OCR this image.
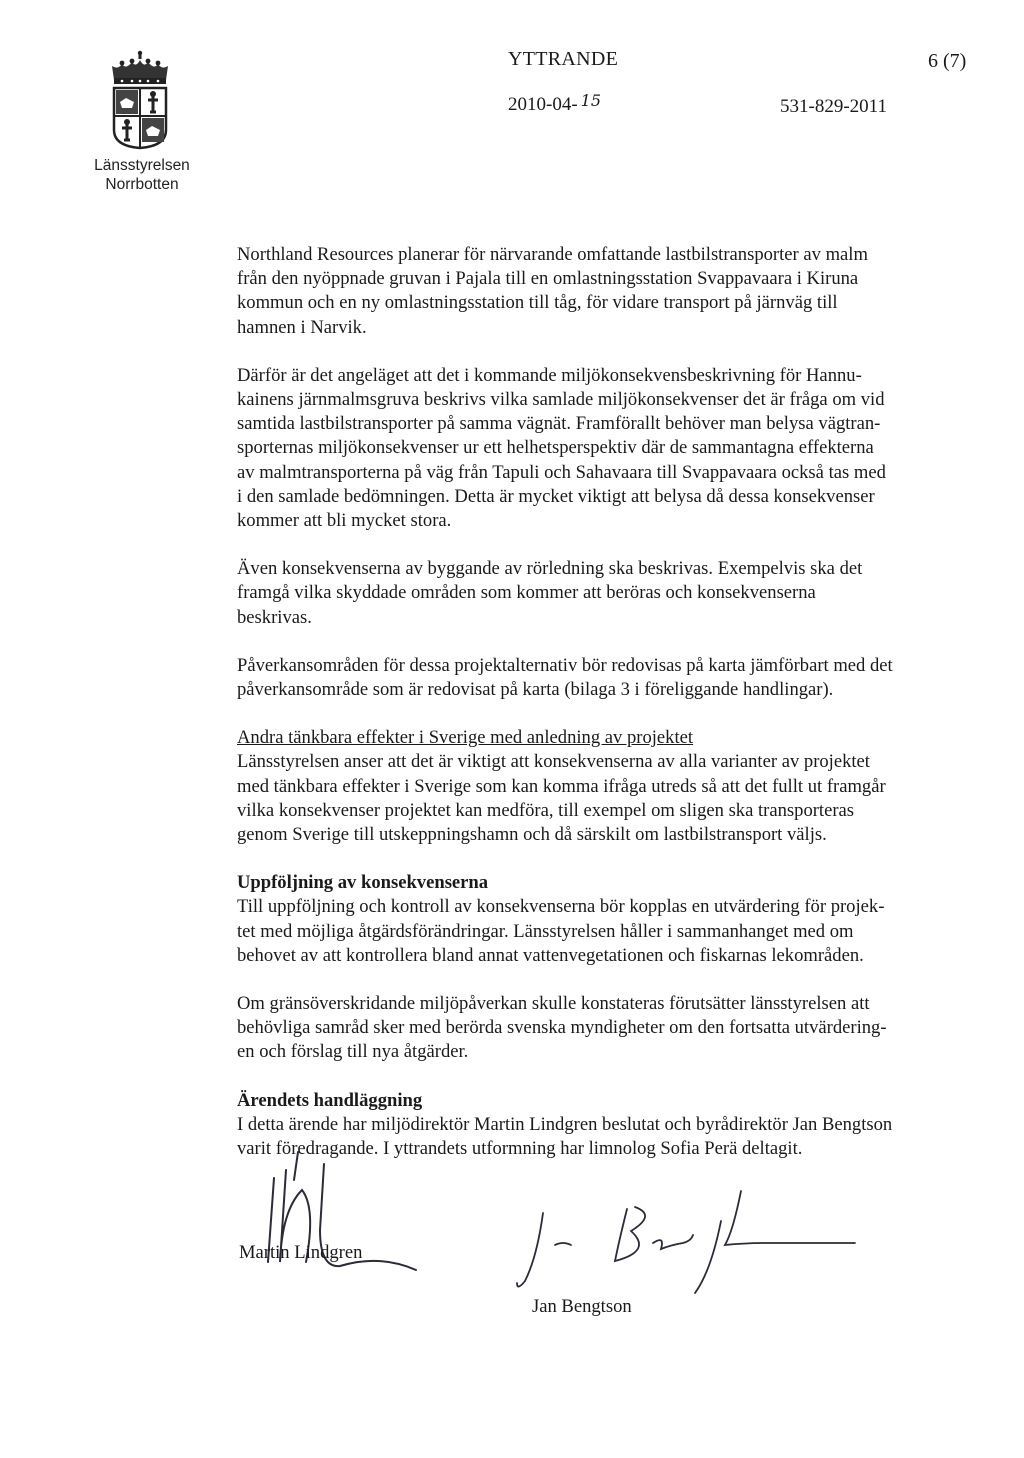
Länsstyrelsen
Norrbotten
YTTRANDE	6 (7)
2010-04- $^{15}$	531-829-2011

Northland Resources planerar för närvarande omfattande lastbilstransporter av malm
från den nyöppnade gruvan i Pajala till en omlastningsstation Svappavaara i Kiruna
kommun och en ny omlastningsstation till tåg, för vidare transport på järnväg till
hamnen i Narvik.

Därför är det angeläget att det i kommande miljökonsekvensbeskrivning för Hannu-
kainens järnmalmsgruva beskrivs vilka samlade miljökonsekvenser det är fråga om vid
samtida lastbilstransporter på samma vägnät. Framförallt behöver man belysa vägtran-
sporternas miljökonsekvenser ur ett helhetsperspektiv där de sammantagna effekterna
av malmtransporterna på väg från Tapuli och Sahavaara till Svappavaara också tas med
i den samlade bedömningen. Detta är mycket viktigt att belysa då dessa konsekvenser
kommer att bli mycket stora.

Även konsekvenserna av byggande av rörledning ska beskrivas. Exempelvis ska det
framgå vilka skyddade områden som kommer att beröras och konsekvenserna
beskrivas.

Påverkansområden för dessa projektalternativ bör redovisas på karta jämförbart med det
påverkansområde som är redovisat på karta (bilaga 3 i föreliggande handlingar).

Andra tänkbara effekter i Sverige med anledning av projektet

Länsstyrelsen anser att det är viktigt att konsekvenserna av alla varianter av projektet
med tänkbara effekter i Sverige som kan komma ifråga utreds så att det fullt ut framgår
vilka konsekvenser projektet kan medföra, till exempel om sligen ska transporteras
genom Sverige till utskeppningshamn och då särskilt om lastbilstransport väljs.

Uppföljning av konsekvenserna

Till uppföljning och kontroll av konsekvenserna bör kopplas en utvärdering för projek-
tet med möjliga åtgärdsförändringar. Länsstyrelsen håller i sammanhanget med om
behovet av att kontrollera bland annat vattenvegetationen och fiskarnas lekområden.

Om gränsöverskridande miljöpåverkan skulle konstateras förutsätter länsstyrelsen att
behövliga samråd sker med berörda svenska myndigheter om den fortsatta utvärdering-
en och förslag till nya åtgärder.

Ärendets handläggning

I detta ärende har miljödirektör Martin Lindgren beslutat och byrådirektör Jan Bengtson
varit föredragande. I yttrandets utformning har limnolog Sofia Perä deltagit.

Martin Lindgren
Jan Bengtson
